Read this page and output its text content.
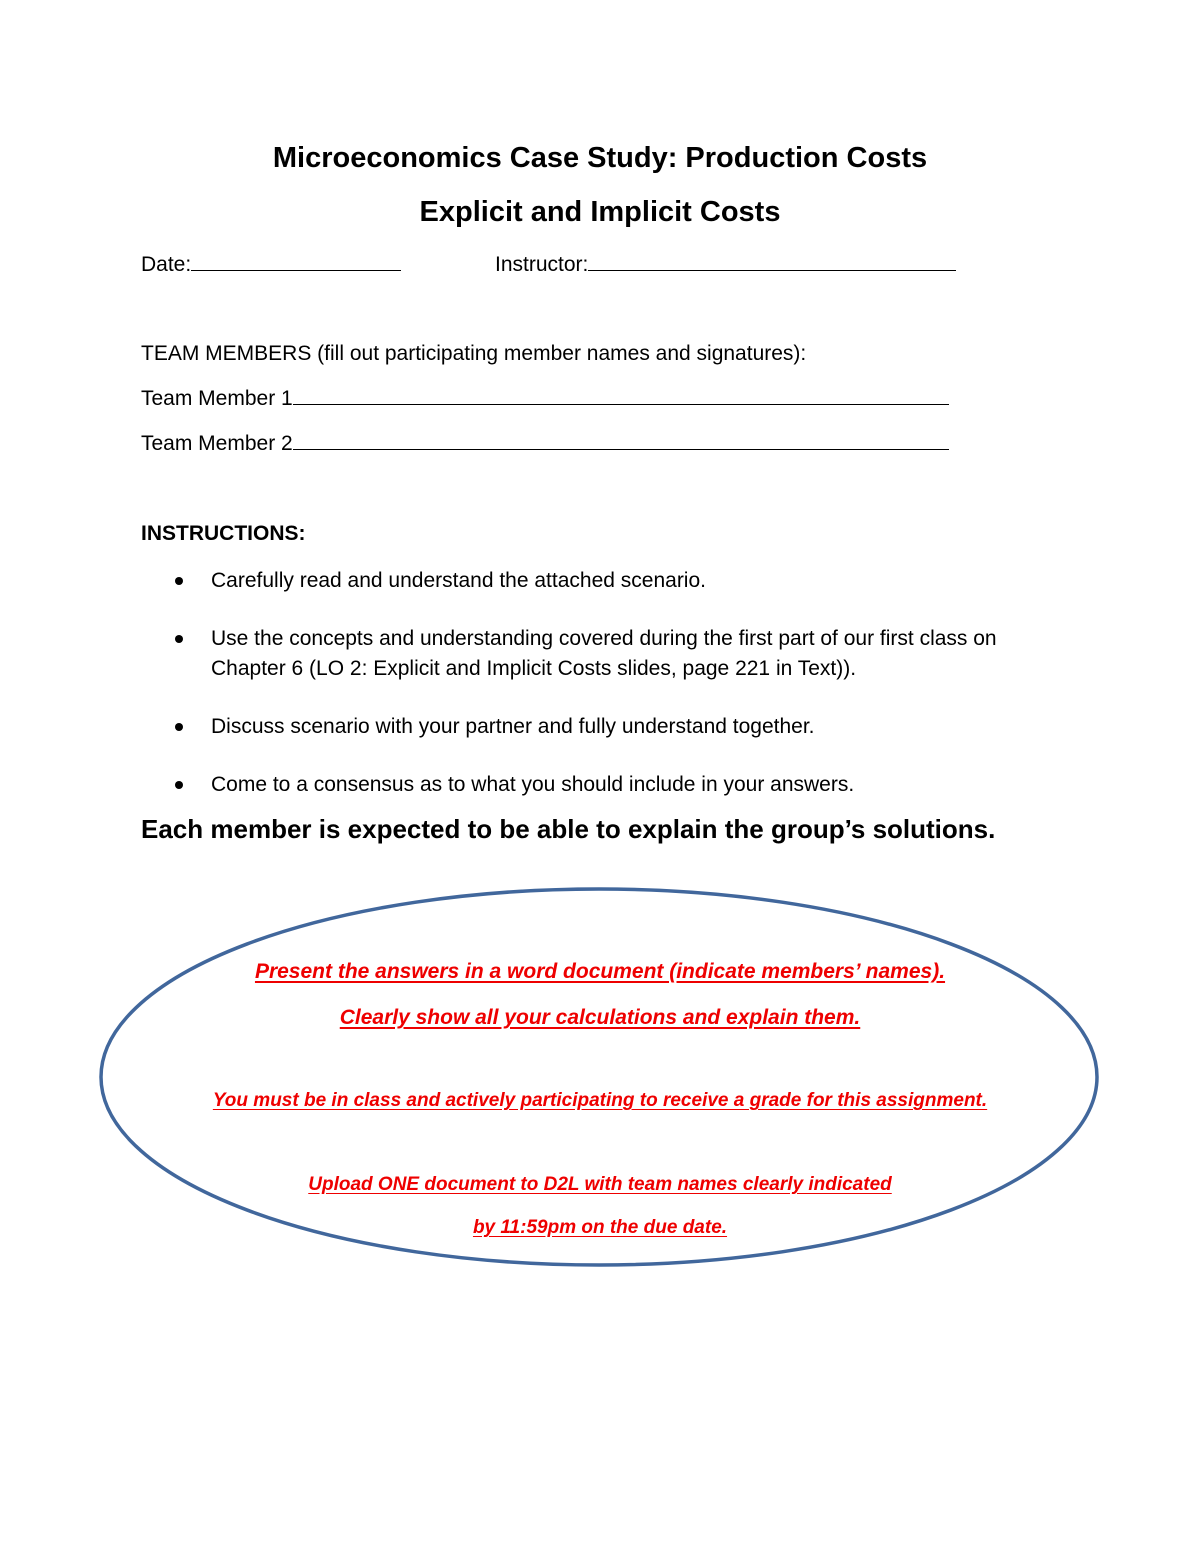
Microeconomics Case Study: Production Costs
Explicit and Implicit Costs
Date:	Instructor:
TEAM MEMBERS (fill out participating member names and signatures):
Team Member 1
Team Member 2
INSTRUCTIONS:
Carefully read and understand the attached scenario.
Use the concepts and understanding covered during the first part of our first class on Chapter 6 (LO 2: Explicit and Implicit Costs slides, page 221 in Text)).
Discuss scenario with your partner and fully understand together.
Come to a consensus as to what you should include in your answers.
Each member is expected to be able to explain the group’s solutions.
Present the answers in a word document (indicate members’ names).
Clearly show all your calculations and explain them.
You must be in class and actively participating to receive a grade for this assignment.
Upload ONE document to D2L with team names clearly indicated
by 11:59pm on the due date.
